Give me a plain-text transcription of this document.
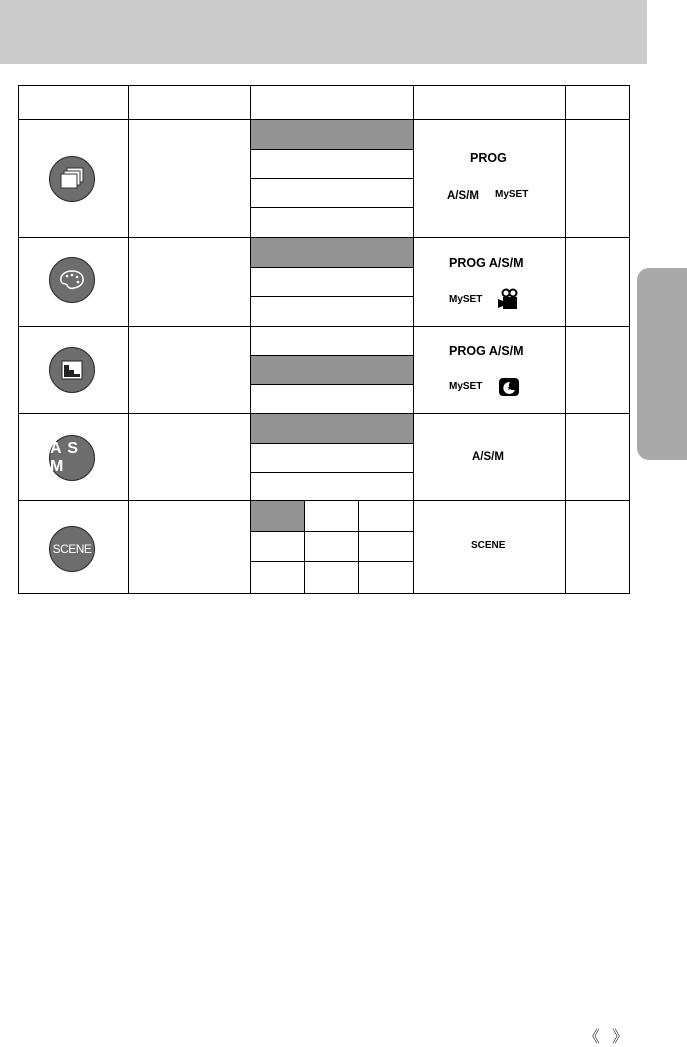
A S M
SCENE
PROG
A/S/M MySET
PROG A/S/M
MySET
PROG A/S/M
MySET
A/S/M
SCENE
《 》
